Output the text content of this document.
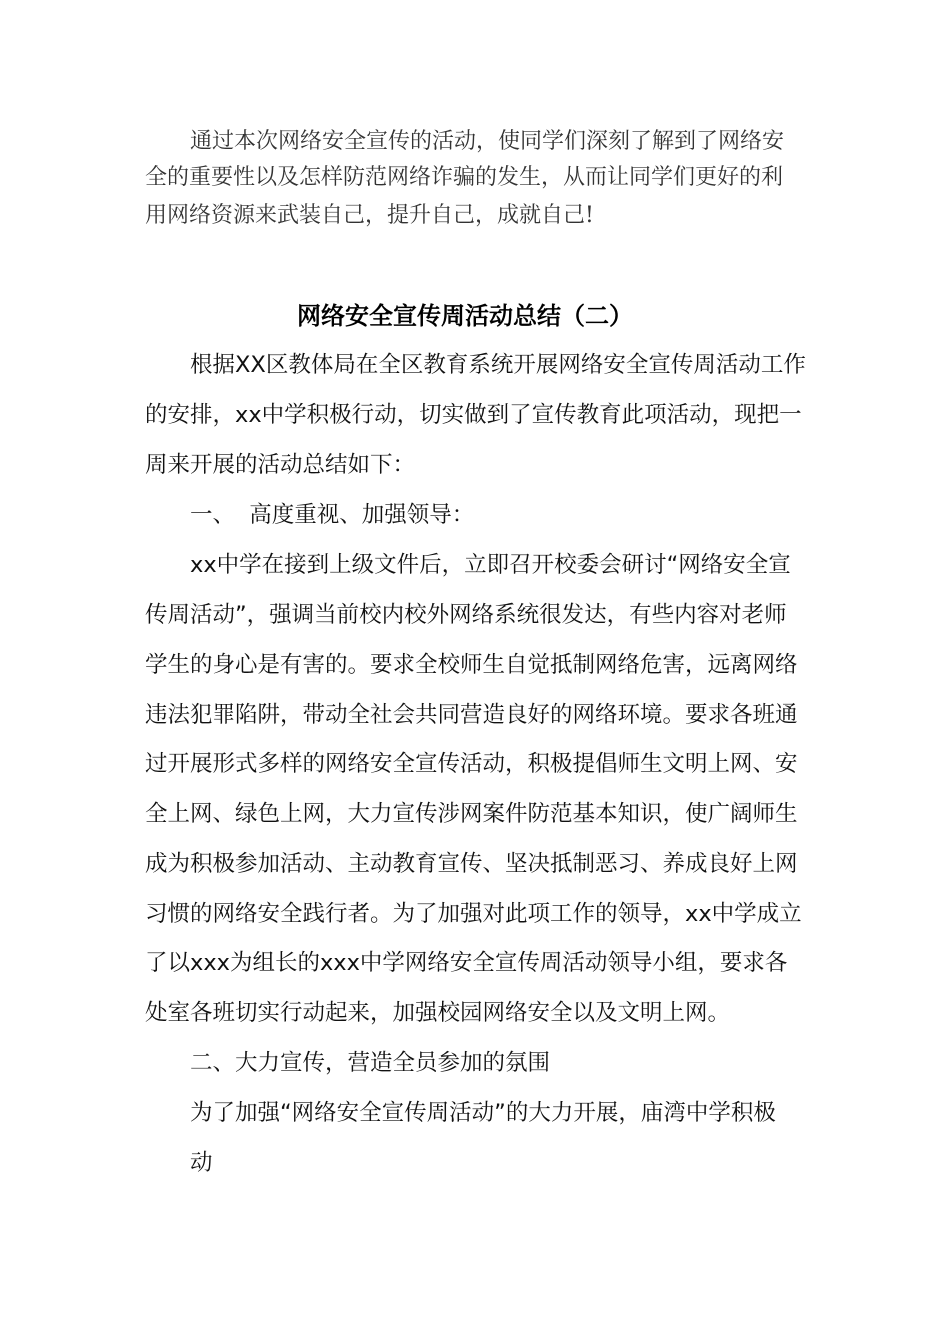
通过本次网络安全宣传的活动，使同学们深刻了解到了网络安
全的重要性以及怎样防范网络诈骗的发生，从而让同学们更好的利
用网络资源来武装自己，提升自己，成就自己!
网络安全宣传周活动总结（二）
根据XX区教体局在全区教育系统开展网络安全宣传周活动工作
的安排，xx中学积极行动，切实做到了宣传教育此项活动，现把一
周来开展的活动总结如下：
一、  高度重视、加强领导：
xx中学在接到上级文件后，立即召开校委会研讨“网络安全宣
传周活动”，强调当前校内校外网络系统很发达，有些内容对老师
学生的身心是有害的。要求全校师生自觉抵制网络危害，远离网络
违法犯罪陷阱，带动全社会共同营造良好的网络环境。要求各班通
过开展形式多样的网络安全宣传活动，积极提倡师生文明上网、安
全上网、绿色上网，大力宣传涉网案件防范基本知识，使广阔师生
成为积极参加活动、主动教育宣传、坚决抵制恶习、养成良好上网
习惯的网络安全践行者。为了加强对此项工作的领导，xx中学成立
了以xxx为组长的xxx中学网络安全宣传周活动领导小组，要求各
处室各班切实行动起来，加强校园网络安全以及文明上网。
二、大力宣传，营造全员参加的氛围
为了加强“网络安全宣传周活动”的大力开展，庙湾中学积极
动
